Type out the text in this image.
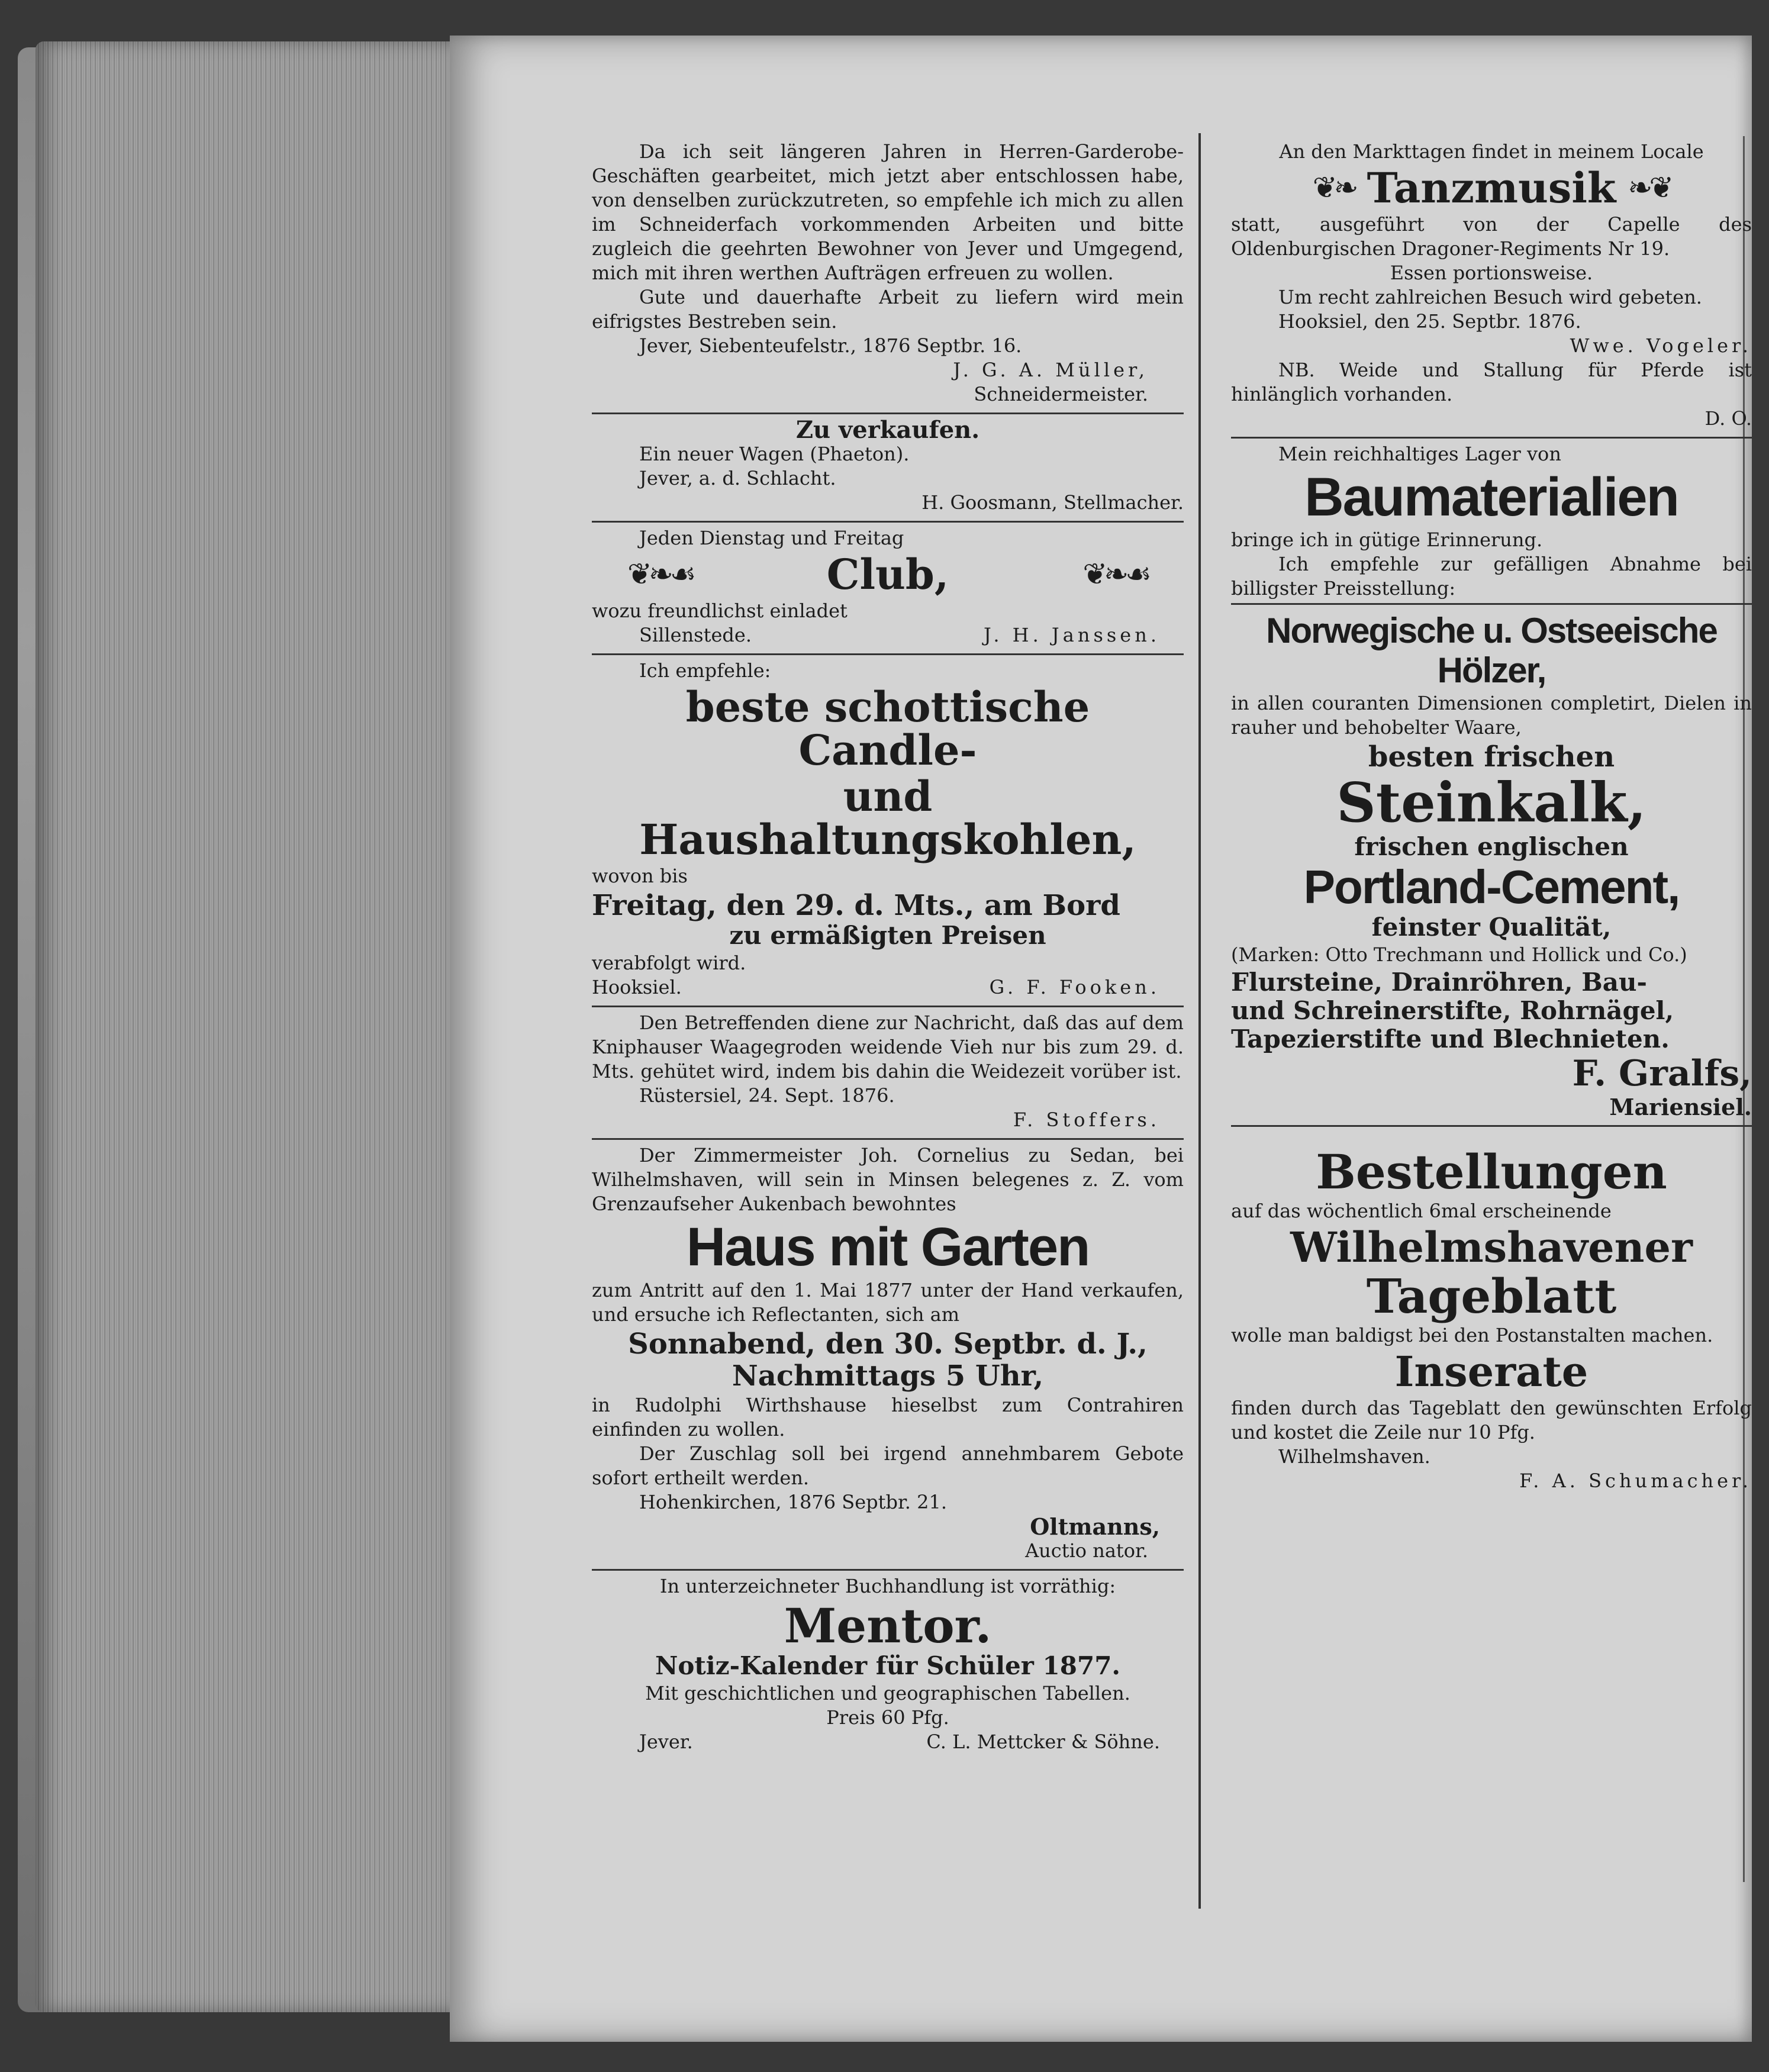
Da ich seit längeren Jahren in Herren-Garderobe-Geschäften gearbeitet, mich jetzt aber entschlossen habe, von denselben zurückzutreten, so empfehle ich mich zu allen im Schneiderfach vorkommenden Arbeiten und bitte zugleich die geehrten Bewohner von Jever und Umgegend, mich mit ihren werthen Aufträgen erfreuen zu wollen.

Gute und dauerhafte Arbeit zu liefern wird mein eifrigstes Bestreben sein.

Jever, Siebenteufelstr., 1876 Septbr. 16.

J. G. A. Müller,

Schneidermeister.

Zu verkaufen.

Ein neuer Wagen (Phaeton).

Jever, a. d. Schlacht.

H. Goosmann, Stellmacher.

Jeden Dienstag und Freitag

❦❧☙	Club,	❦❧☙

wozu freundlichst einladet

Sillenstede.	J. H. Janssen.

Ich empfehle:

beste schottische Candle-

und Haushaltungskohlen,

wovon bis

Freitag, den 29. d. Mts., am Bord

zu ermäßigten Preisen

verabfolgt wird.

Hooksiel.	G. F. Fooken.

Den Betreffenden diene zur Nachricht, daß das auf dem Kniphauser Waagegroden weidende Vieh nur bis zum 29. d. Mts. gehütet wird, indem bis dahin die Weidezeit vorüber ist.

Rüstersiel, 24. Sept. 1876.

F. Stoffers.

Der Zimmermeister Joh. Cornelius zu Sedan, bei Wilhelmshaven, will sein in Minsen belegenes z. Z. vom Grenzaufseher Aukenbach bewohntes

Haus mit Garten

zum Antritt auf den 1. Mai 1877 unter der Hand verkaufen, und ersuche ich Reflectanten, sich am

Sonnabend, den 30. Septbr. d. J.,

Nachmittags 5 Uhr,

in Rudolphi Wirthshause hieselbst zum Contrahiren einfinden zu wollen.

Der Zuschlag soll bei irgend annehmbarem Gebote sofort ertheilt werden.

Hohenkirchen, 1876 Septbr. 21.

Oltmanns,

Auctio nator.

In unterzeichneter Buchhandlung ist vorräthig:

Mentor.

Notiz-Kalender für Schüler 1877.

Mit geschichtlichen und geographischen Tabellen.

Preis 60 Pfg.

Jever.	C. L. Mettcker & Söhne.

An den Markttagen findet in meinem Locale

❦❧ Tanzmusik ❧❦

statt, ausgeführt von der Capelle des Oldenburgischen Dragoner-Regiments Nr 19.

Essen portionsweise.

Um recht zahlreichen Besuch wird gebeten.

Hooksiel, den 25. Septbr. 1876.

Wwe. Vogeler.

NB. Weide und Stallung für Pferde ist hinlänglich vorhanden.

D. O.

Mein reichhaltiges Lager von

Baumaterialien

bringe ich in gütige Erinnerung.

Ich empfehle zur gefälligen Abnahme bei billigster Preisstellung:

Norwegische u. Ostseeische

Hölzer,

in allen couranten Dimensionen completirt, Dielen in rauher und behobelter Waare,

besten frischen

Steinkalk,

frischen englischen

Portland-Cement,

feinster Qualität,

(Marken: Otto Trechmann und Hollick und Co.)

Flursteine, Drainröhren, Bau-

und Schreinerstifte, Rohrnägel,

Tapezierstifte und Blechnieten.

F. Gralfs,

Mariensiel.

Bestellungen

auf das wöchentlich 6mal erscheinende

Wilhelmshavener

Tageblatt

wolle man baldigst bei den Postanstalten machen.

Inserate

finden durch das Tageblatt den gewünschten Erfolg und kostet die Zeile nur 10 Pfg.

Wilhelmshaven.

F. A. Schumacher.
